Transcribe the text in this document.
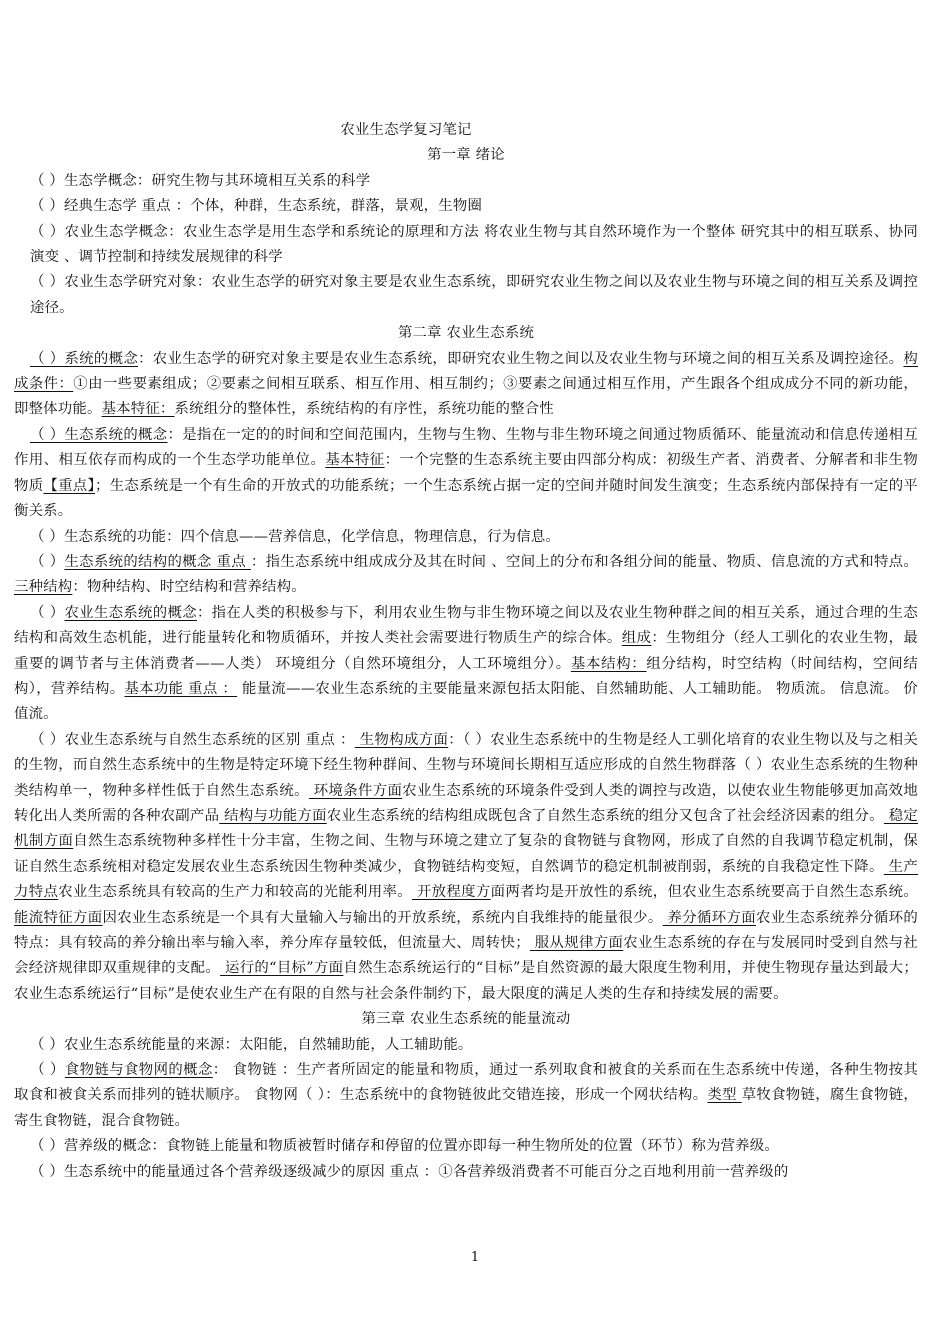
农业生态学复习笔记
第一章 绪论

（ ）生态学概念：研究生物与其环境相互关系的科学

（ ）经典生态学 重点 ：个体，种群，生态系统，群落，景观，生物圈

（ ）农业生态学概念：农业生态学是用生态学和系统论的原理和方法 将农业生物与其自然环境作为一个整体 研究其中的相互联系、协同演变 、调节控制和持续发展规律的科学

（ ）农业生态学研究对象：农业生态学的研究对象主要是农业生态系统，即研究农业生物之间以及农业生物与环境之间的相互关系及调控途径。

第二章 农业生态系统

（ ）系统的概念：农业生态学的研究对象主要是农业生态系统，即研究农业生物之间以及农业生物与环境之间的相互关系及调控途径。构成条件：①由一些要素组成；②要素之间相互联系、相互作用、相互制约；③要素之间通过相互作用，产生跟各个组成成分不同的新功能，即整体功能。基本特征：系统组分的整体性，系统结构的有序性，系统功能的整合性

（ ）生态系统的概念：是指在一定的的时间和空间范围内，生物与生物、生物与非生物环境之间通过物质循环、能量流动和信息传递相互作用、相互依存而构成的一个生态学功能单位。基本特征：一个完整的生态系统主要由四部分构成：初级生产者、消费者、分解者和非生物物质【重点】；生态系统是一个有生命的开放式的功能系统；一个生态系统占据一定的空间并随时间发生演变；生态系统内部保持有一定的平衡关系。

（ ）生态系统的功能：四个信息——营养信息，化学信息，物理信息，行为信息。

（ ）生态系统的结构的概念 重点 ：指生态系统中组成成分及其在时间 、空间上的分布和各组分间的能量、物质、信息流的方式和特点。三种结构：物种结构、时空结构和营养结构。

（ ）农业生态系统的概念：指在人类的积极参与下，利用农业生物与非生物环境之间以及农业生物种群之间的相互关系，通过合理的生态结构和高效生态机能，进行能量转化和物质循环，并按人类社会需要进行物质生产的综合体。组成：生物组分（经人工驯化的农业生物，最重要的调节者与主体消费者——人类） 环境组分（自然环境组分，人工环境组分）。基本结构：组分结构，时空结构（时间结构，空间结构），营养结构。基本功能 重点 ： 能量流——农业生态系统的主要能量来源包括太阳能、自然辅助能、人工辅助能。 物质流。 信息流。 价值流。

（ ）农业生态系统与自然生态系统的区别 重点 ： 生物构成方面：（ ）农业生态系统中的生物是经人工驯化培育的农业生物以及与之相关的生物，而自然生态系统中的生物是特定环境下经生物种群间、生物与环境间长期相互适应形成的自然生物群落（ ）农业生态系统的生物种类结构单一，物种多样性低于自然生态系统。 环境条件方面农业生态系统的环境条件受到人类的调控与改造，以使农业生物能够更加高效地转化出人类所需的各种农副产品 结构与功能方面农业生态系统的结构组成既包含了自然生态系统的组分又包含了社会经济因素的组分。 稳定机制方面自然生态系统物种多样性十分丰富，生物之间、生物与环境之建立了复杂的食物链与食物网，形成了自然的自我调节稳定机制，保证自然生态系统相对稳定发展农业生态系统因生物种类减少，食物链结构变短，自然调节的稳定机制被削弱，系统的自我稳定性下降。 生产力特点农业生态系统具有较高的生产力和较高的光能利用率。 开放程度方面两者均是开放性的系统，但农业生态系统要高于自然生态系统。 能流特征方面因农业生态系统是一个具有大量输入与输出的开放系统，系统内自我维持的能量很少。 养分循环方面农业生态系统养分循环的特点：具有较高的养分输出率与输入率，养分库存量较低，但流量大、周转快； 服从规律方面农业生态系统的存在与发展同时受到自然与社会经济规律即双重规律的支配。 运行的“目标”方面自然生态系统运行的“目标”是自然资源的最大限度生物利用，并使生物现存量达到最大；农业生态系统运行“目标”是使农业生产在有限的自然与社会条件制约下，最大限度的满足人类的生存和持续发展的需要。

第三章 农业生态系统的能量流动

（ ）农业生态系统能量的来源：太阳能，自然辅助能，人工辅助能。

（ ）食物链与食物网的概念： 食物链 ：生产者所固定的能量和物质，通过一系列取食和被食的关系而在生态系统中传递，各种生物按其取食和被食关系而排列的链状顺序。 食物网（ ）：生态系统中的食物链彼此交错连接，形成一个网状结构。类型 草牧食物链，腐生食物链，寄生食物链，混合食物链。

（ ）营养级的概念：食物链上能量和物质被暂时储存和停留的位置亦即每一种生物所处的位置（环节）称为营养级。

（ ）生态系统中的能量通过各个营养级逐级减少的原因 重点 ：①各营养级消费者不可能百分之百地利用前一营养级的

1
